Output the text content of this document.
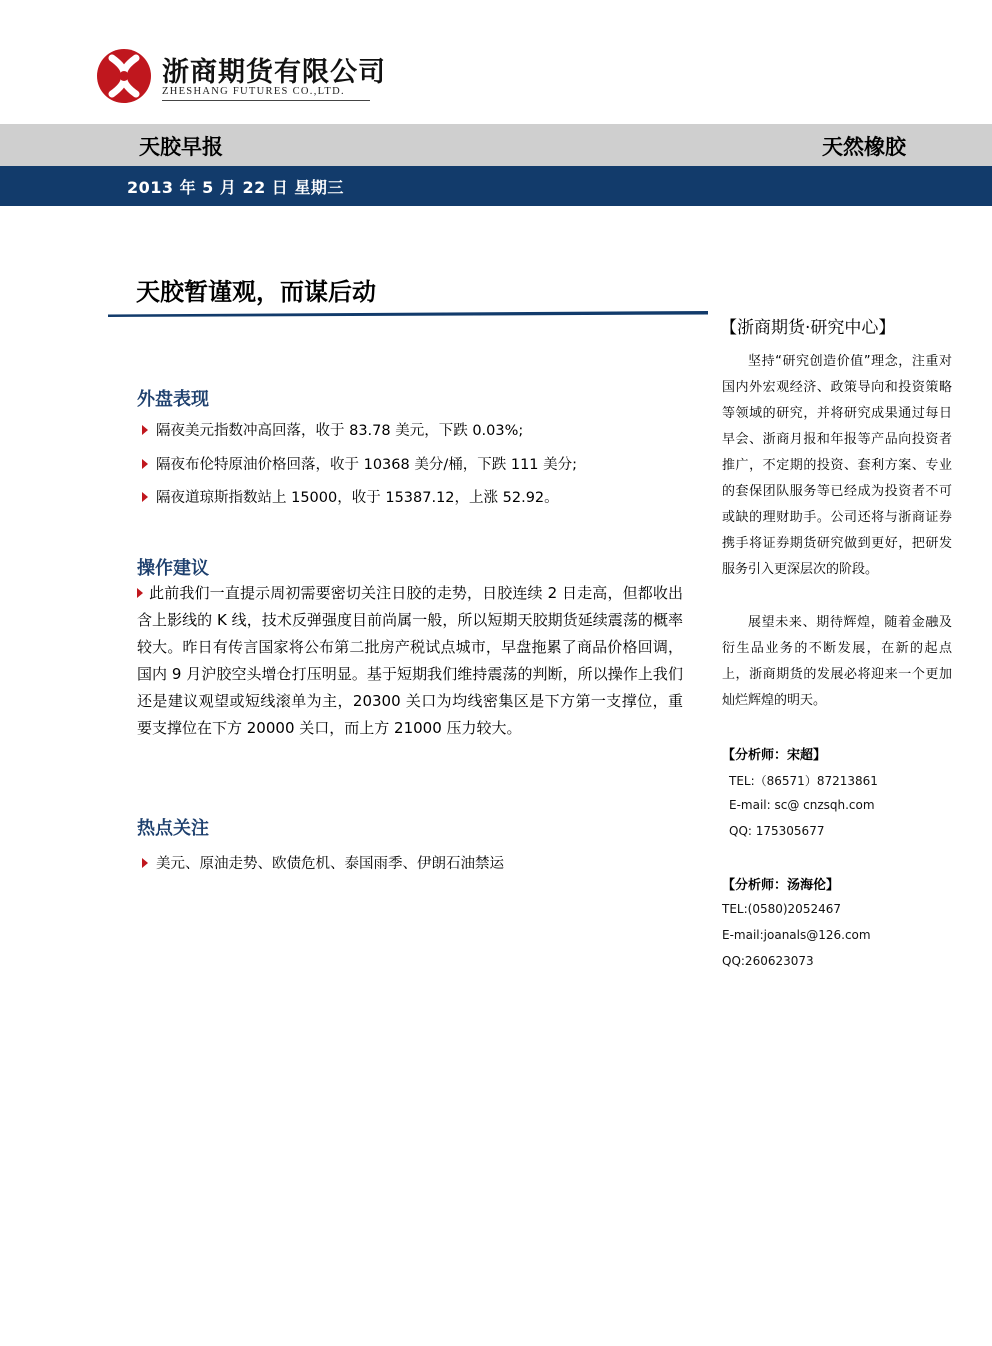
浙商期货有限公司
ZHESHANG FUTURES CO.,LTD.
天胶早报	天然橡胶
2013 年 5 月 22 日 星期三
天胶暂谨观，而谋后动
外盘表现
隔夜美元指数冲高回落，收于 83.78 美元，下跌 0.03%;
隔夜布伦特原油价格回落，收于 10368 美分/桶，下跌 111 美分;
隔夜道琼斯指数站上 15000，收于 15387.12，上涨 52.92。
操作建议
此前我们一直提示周初需要密切关注日胶的走势，日胶连续 2 日走高，但都收出含上影线的 K 线，技术反弹强度目前尚属一般，所以短期天胶期货延续震荡的概率较大。昨日有传言国家将公布第二批房产税试点城市，早盘拖累了商品价格回调，国内 9 月沪胶空头增仓打压明显。基于短期我们维持震荡的判断，所以操作上我们还是建议观望或短线滚单为主，20300 关口为均线密集区是下方第一支撑位，重要支撑位在下方 20000 关口，而上方 21000 压力较大。
热点关注
美元、原油走势、欧债危机、泰国雨季、伊朗石油禁运
【浙商期货·研究中心】
坚持“研究创造价值”理念，注重对国内外宏观经济、政策导向和投资策略等领域的研究，并将研究成果通过每日早会、浙商月报和年报等产品向投资者推广，不定期的投资、套利方案、专业的套保团队服务等已经成为投资者不可或缺的理财助手。公司还将与浙商证券携手将证券期货研究做到更好，把研发服务引入更深层次的阶段。
展望未来、期待辉煌，随着金融及衍生品业务的不断发展，在新的起点上，浙商期货的发展必将迎来一个更加灿烂辉煌的明天。
【分析师：宋超】
TEL:（86571）87213861
E-mail: sc@ cnzsqh.com
QQ: 175305677
【分析师：汤海伦】
TEL:(0580)2052467
E-mail:joanals@126.com
QQ:260623073
